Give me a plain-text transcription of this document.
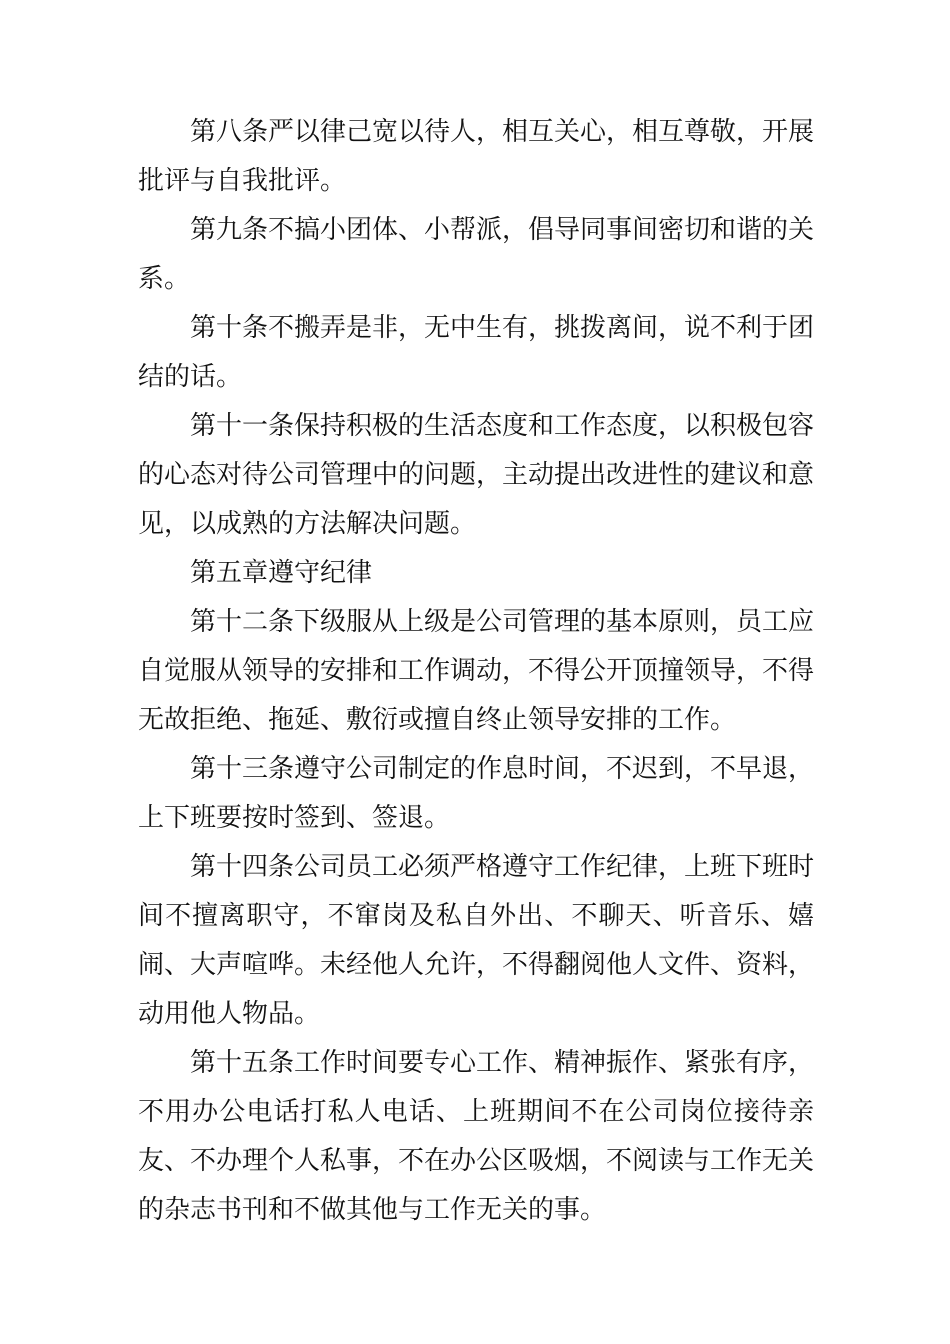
第八条严以律己宽以待人，相互关心，相互尊敬，开展批评与自我批评。

第九条不搞小团体、小帮派，倡导同事间密切和谐的关系。

第十条不搬弄是非，无中生有，挑拨离间，说不利于团结的话。

第十一条保持积极的生活态度和工作态度，以积极包容的心态对待公司管理中的问题，主动提出改进性的建议和意见，以成熟的方法解决问题。

第五章遵守纪律

第十二条下级服从上级是公司管理的基本原则，员工应自觉服从领导的安排和工作调动，不得公开顶撞领导，不得无故拒绝、拖延、敷衍或擅自终止领导安排的工作。

第十三条遵守公司制定的作息时间，不迟到，不早退，上下班要按时签到、签退。

第十四条公司员工必须严格遵守工作纪律，上班下班时间不擅离职守，不窜岗及私自外出、不聊天、听音乐、嬉闹、大声喧哗。未经他人允许，不得翻阅他人文件、资料，动用他人物品。

第十五条工作时间要专心工作、精神振作、紧张有序，不用办公电话打私人电话、上班期间不在公司岗位接待亲友、不办理个人私事，不在办公区吸烟，不阅读与工作无关的杂志书刊和不做其他与工作无关的事。
